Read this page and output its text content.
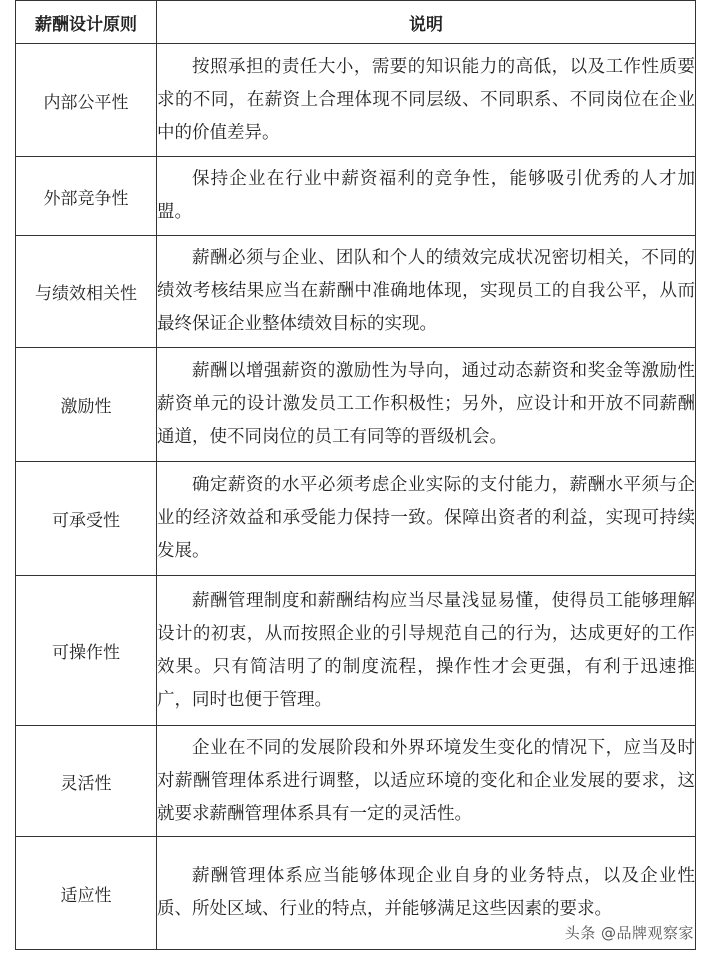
薪酬设计原则	说明
内部公平性	按照承担的责任大小，需要的知识能力的高低，以及工作性质要求的不同，在薪资上合理体现不同层级、不同职系、不同岗位在企业中的价值差异。
外部竞争性	保持企业在行业中薪资福利的竞争性，能够吸引优秀的人才加盟。
与绩效相关性	薪酬必须与企业、团队和个人的绩效完成状况密切相关，不同的绩效考核结果应当在薪酬中准确地体现，实现员工的自我公平，从而最终保证企业整体绩效目标的实现。
激励性	薪酬以增强薪资的激励性为导向，通过动态薪资和奖金等激励性薪资单元的设计激发员工工作积极性；另外，应设计和开放不同薪酬通道，使不同岗位的员工有同等的晋级机会。
可承受性	确定薪资的水平必须考虑企业实际的支付能力，薪酬水平须与企业的经济效益和承受能力保持一致。保障出资者的利益，实现可持续发展。
可操作性	薪酬管理制度和薪酬结构应当尽量浅显易懂，使得员工能够理解设计的初衷，从而按照企业的引导规范自己的行为，达成更好的工作效果。只有简洁明了的制度流程，操作性才会更强，有利于迅速推广，同时也便于管理。
灵活性	企业在不同的发展阶段和外界环境发生变化的情况下，应当及时对薪酬管理体系进行调整，以适应环境的变化和企业发展的要求，这就要求薪酬管理体系具有一定的灵活性。
适应性	薪酬管理体系应当能够体现企业自身的业务特点，以及企业性质、所处区域、行业的特点，并能够满足这些因素的要求。
头条 @品牌观察家
